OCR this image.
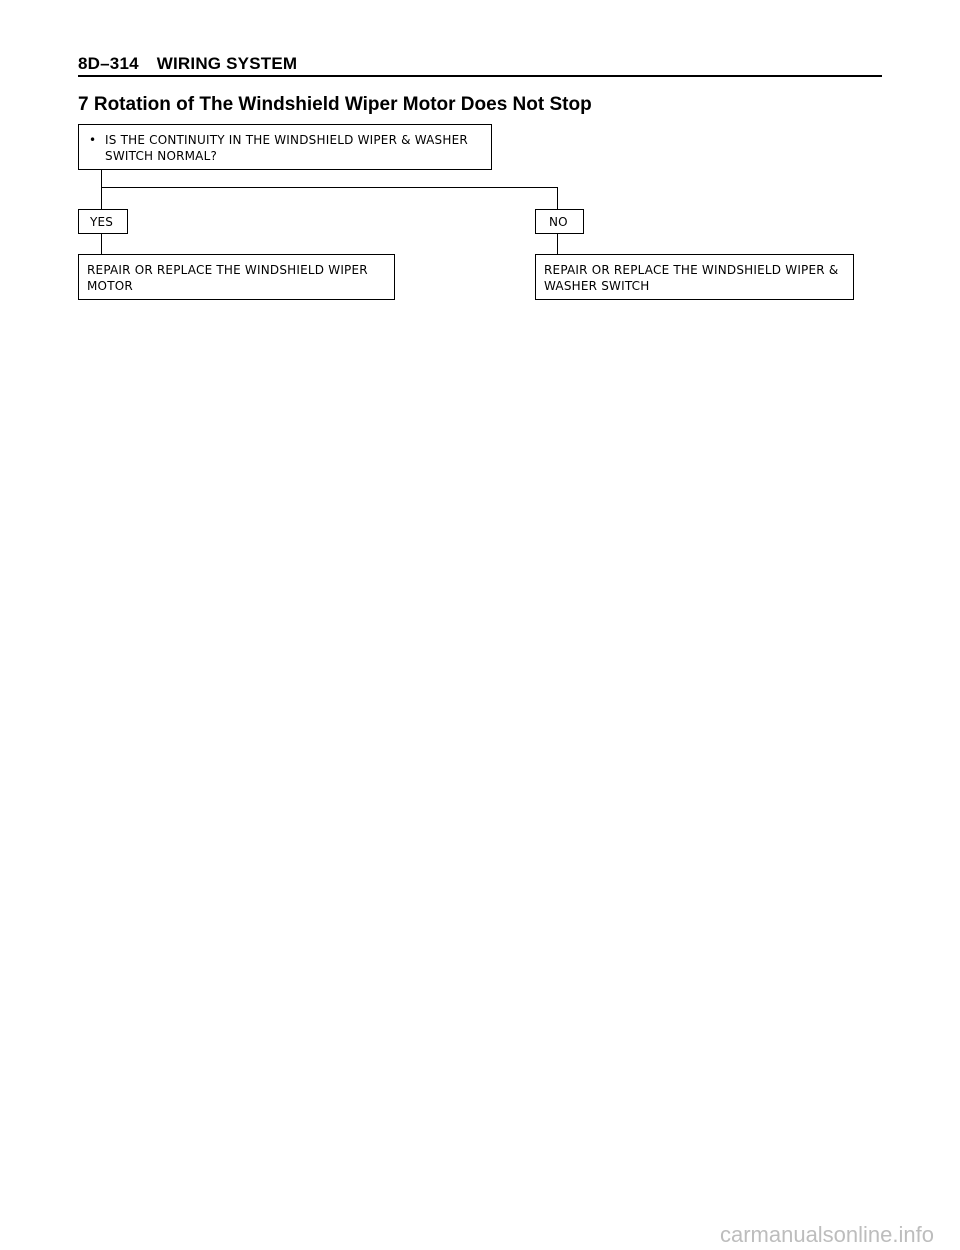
8D–314 WIRING SYSTEM
7 Rotation of The Windshield Wiper Motor Does Not Stop
• IS THE CONTINUITY IN THE WINDSHIELD WIPER & WASHER
SWITCH NORMAL?
YES	NO
REPAIR OR REPLACE THE WINDSHIELD WIPER
MOTOR
REPAIR OR REPLACE THE WINDSHIELD WIPER &
WASHER SWITCH
carmanualsonline.info
